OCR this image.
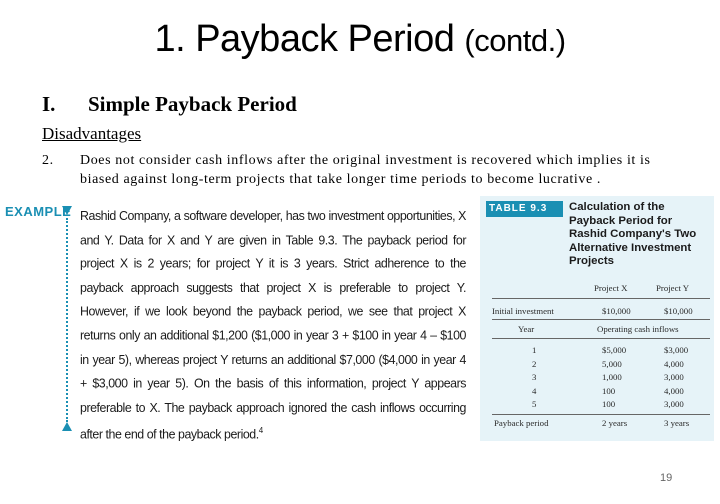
1. Payback Period (contd.)
I. Simple Payback Period
Disadvantages
2. Does not consider cash inflows after the original investment is recovered which implies it is biased against long-term projects that take longer time periods to become lucrative .
EXAMPLE Rashid Company, a software developer, has two investment opportunities, X and Y. Data for X and Y are given in Table 9.3. The payback period for project X is 2 years; for project Y it is 3 years. Strict adherence to the payback approach suggests that project X is preferable to project Y. However, if we look beyond the payback period, we see that project X returns only an additional $1,200 ($1,000 in year 3 + $100 in year 4 – $100 in year 5), whereas project Y returns an additional $7,000 ($4,000 in year 4 + $3,000 in year 5). On the basis of this information, project Y appears preferable to X. The payback approach ignored the cash inflows occurring after the end of the payback period.$^4$
TABLE 9.3	Calculation of the Payback Period for Rashid Company's Two Alternative Investment Projects
Project X	Project Y
Initial investment	$10,000	$10,000
Year	Operating cash inflows
1	$5,000	$3,000
2	5,000	4,000
3	1,000	3,000
4	100	4,000
5	100	3,000
Payback period	2 years	3 years
19
